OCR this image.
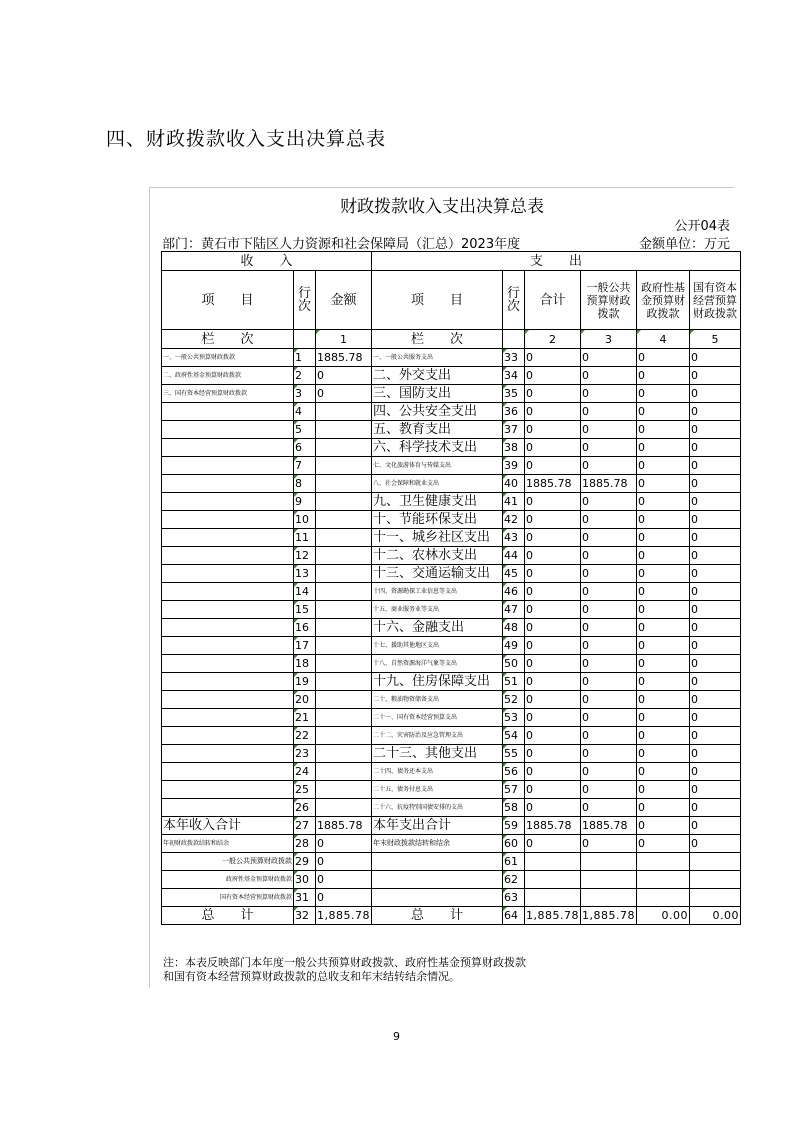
四、财政拨款收入支出决算总表
财政拨款收入支出决算总表
公开04表
部门：黄石市下陆区人力资源和社会保障局（汇总）2023年度	金额单位：万元
收　　入			支　　出					
项　　目	行次	金额	项　　目	行次	合计	一般公共预算财政拨款	政府性基金预算财政拨款	国有资本经营预算财政拨款
栏　　次		1	栏　　次		2	3	4	5
一、一般公共预算财政拨款	1	1885.78	一、一般公共服务支出	33	0	0	0	0
二、政府性基金预算财政拨款	2	0	二、外交支出	34	0	0	0	0
三、国有资本经营预算财政拨款	3	0	三、国防支出	35	0	0	0	0
	4		四、公共安全支出	36	0	0	0	0
	5		五、教育支出	37	0	0	0	0
	6		六、科学技术支出	38	0	0	0	0
	7		七、文化旅游体育与传媒支出	39	0	0	0	0
	8		八、社会保障和就业支出	40	1885.78	1885.78	0	0
	9		九、卫生健康支出	41	0	0	0	0
	10		十、节能环保支出	42	0	0	0	0
	11		十一、城乡社区支出	43	0	0	0	0
	12		十二、农林水支出	44	0	0	0	0
	13		十三、交通运输支出	45	0	0	0	0
	14		十四、资源勘探工业信息等支出	46	0	0	0	0
	15		十五、商业服务业等支出	47	0	0	0	0
	16		十六、金融支出	48	0	0	0	0
	17		十七、援助其他地区支出	49	0	0	0	0
	18		十八、自然资源海洋气象等支出	50	0	0	0	0
	19		十九、住房保障支出	51	0	0	0	0
	20		二十、粮油物资储备支出	52	0	0	0	0
	21		二十一、国有资本经营预算支出	53	0	0	0	0
	22		二十二、灾害防治及应急管理支出	54	0	0	0	0
	23		二十三、其他支出	55	0	0	0	0
	24		二十四、债务还本支出	56	0	0	0	0
	25		二十五、债务付息支出	57	0	0	0	0
	26		二十六、抗疫特别国债安排的支出	58	0	0	0	0
本年收入合计	27	1885.78	本年支出合计	59	1885.78	1885.78	0	0
年初财政拨款结转和结余	28	0	年末财政拨款结转和结余	60	0	0	0	0
一般公共预算财政拨款	29	0		61				
政府性基金预算财政拨款	30	0		62				
国有资本经营预算财政拨款	31	0		63				
总　　计	32	1,885.78	总　　计	64	1,885.78	1,885.78	0.00	0.00
注：本表反映部门本年度一般公共预算财政拨款、政府性基金预算财政拨款
和国有资本经营预算财政拨款的总收支和年末结转结余情况。
9
